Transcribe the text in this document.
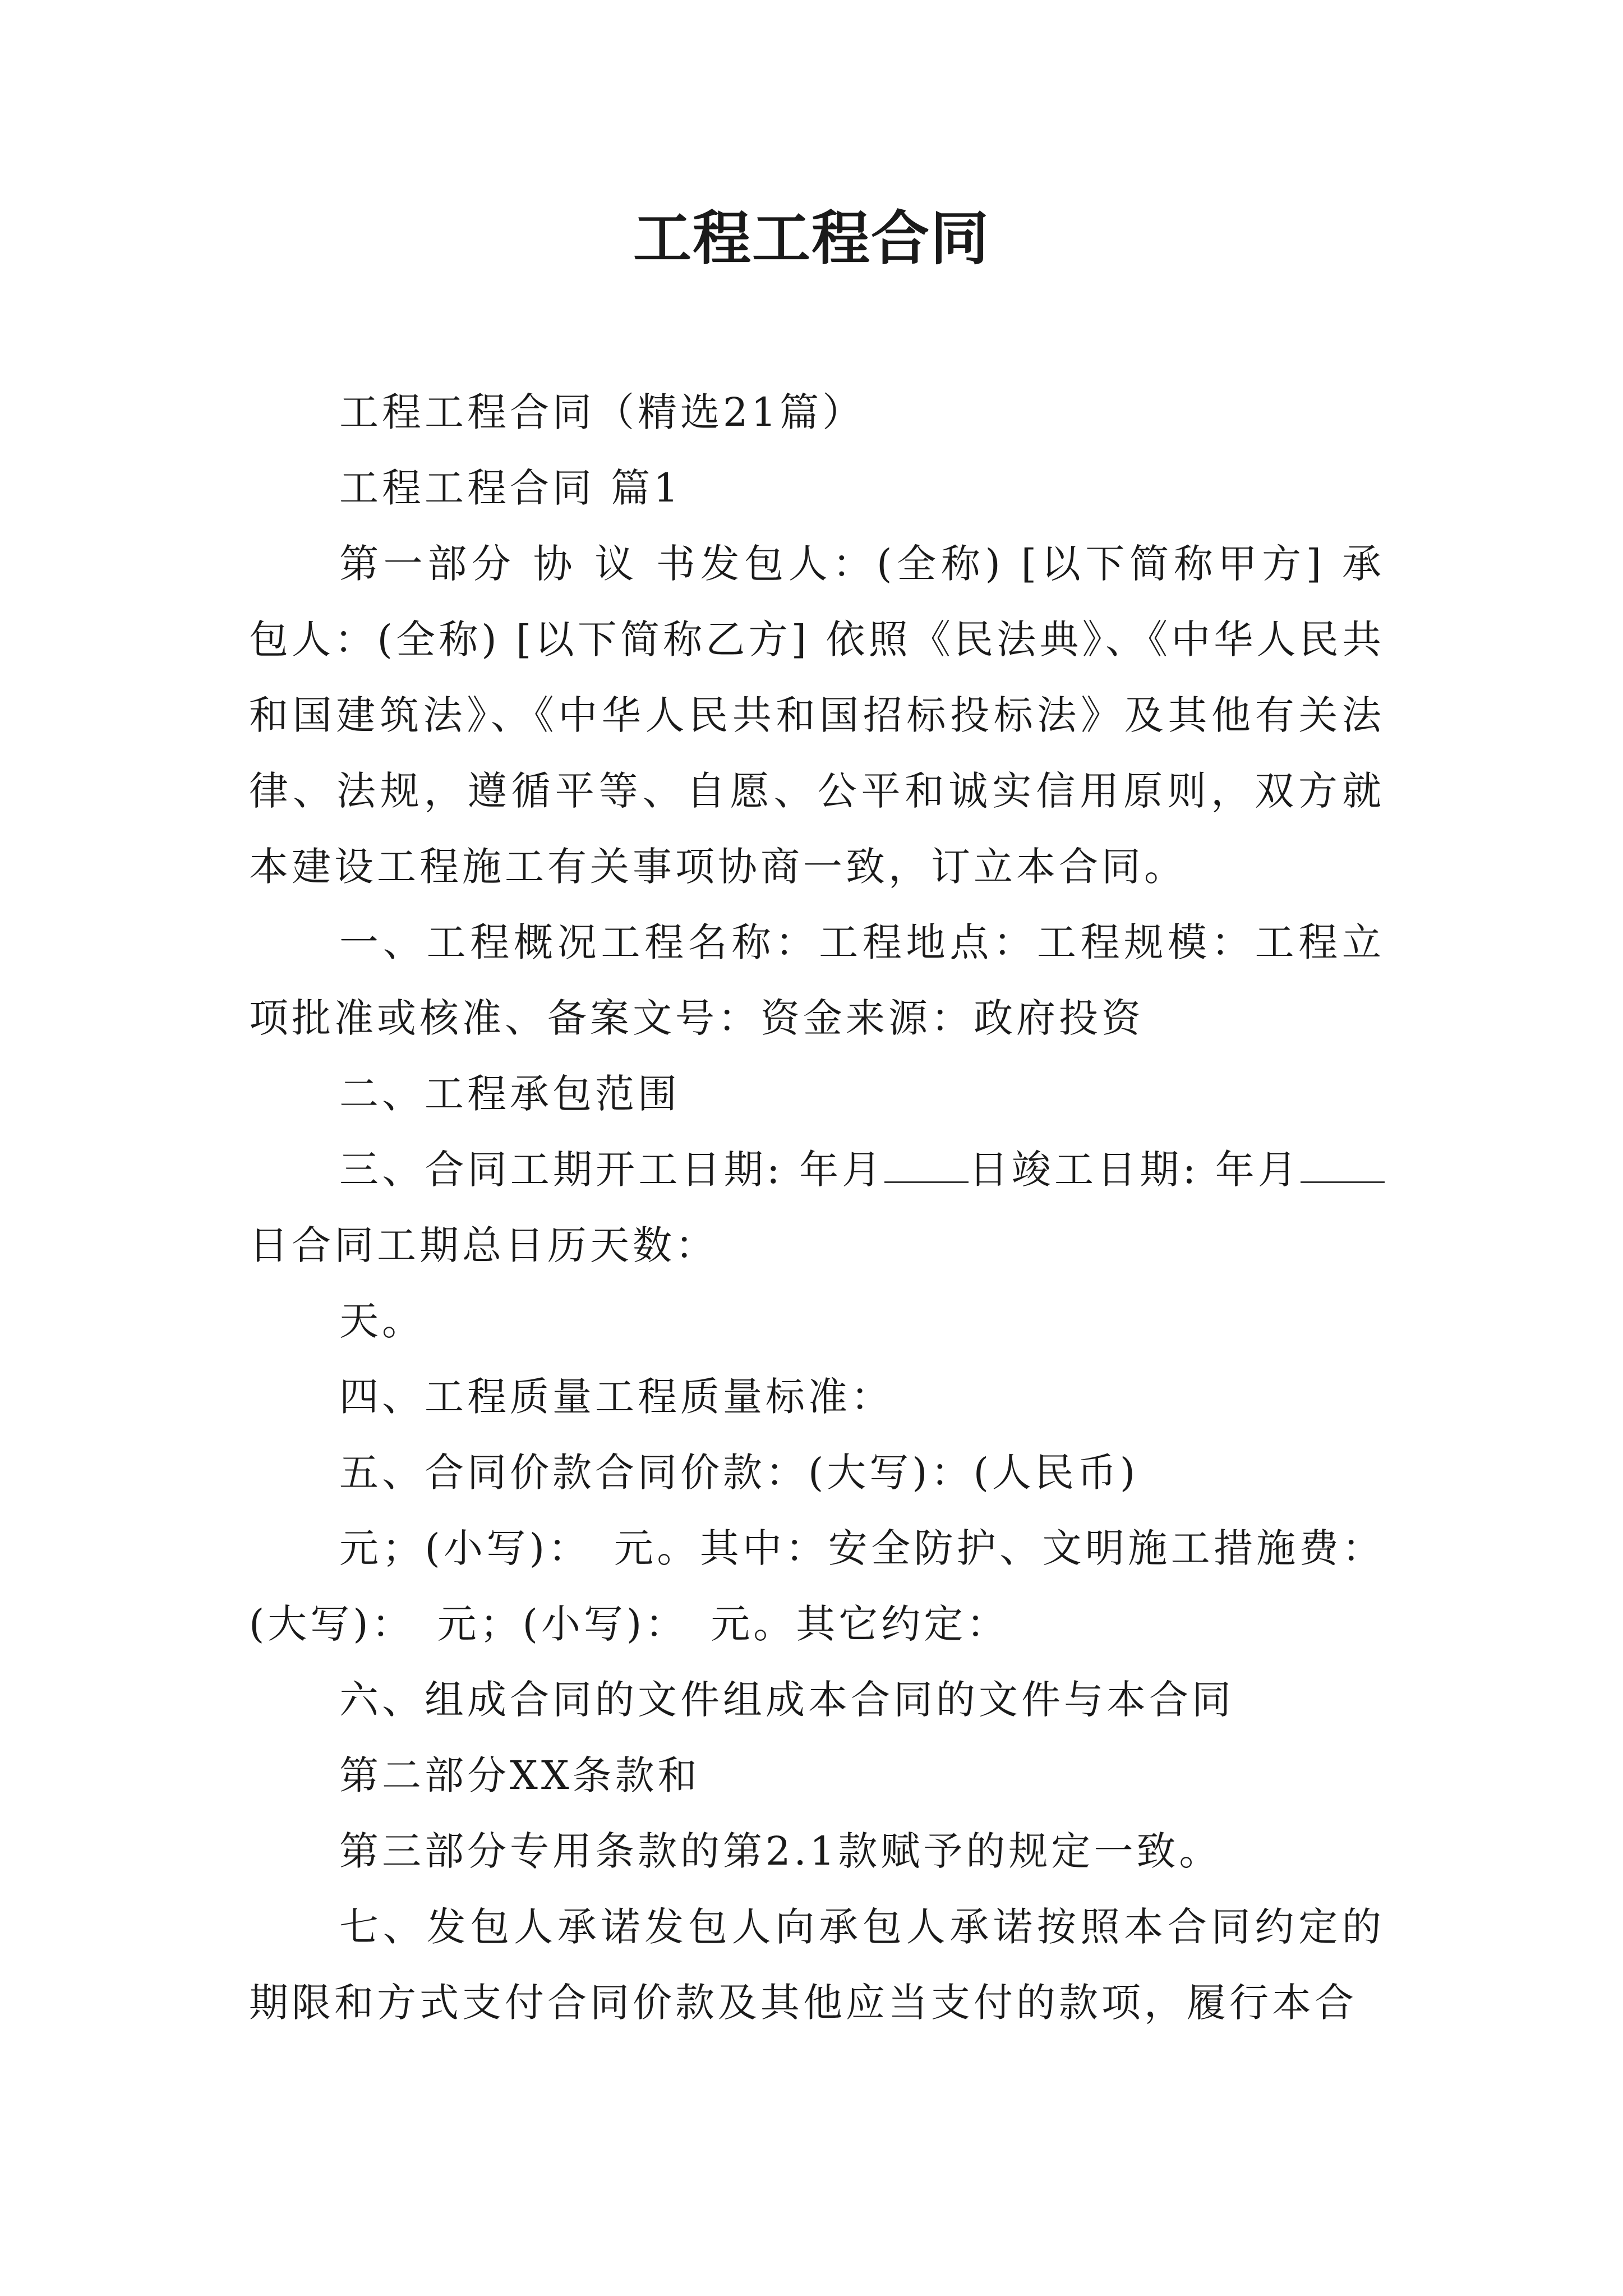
工程工程合同

工程工程合同（精选21篇）

工程工程合同 篇1

第一部分 协 议 书发包人：(全称) [以下简称甲方] 承包人：(全称) [以下简称乙方] 依照《民法典》、《中华人民共和国建筑法》、《中华人民共和国招标投标法》及其他有关法律、法规，遵循平等、自愿、公平和诚实信用原则，双方就本建设工程施工有关事项协商一致，订立本合同。

一、工程概况工程名称：工程地点：工程规模：工程立项批准或核准、备案文号：资金来源：政府投资

二、工程承包范围

三、合同工期开工日期: 年月 日竣工日期: 年月日合同工期总日历天数：

天。

四、工程质量工程质量标准：

五、合同价款合同价款：(大写)：(人民币)

元；(小写)：　元。其中：安全防护、文明施工措施费：(大写)：　元；(小写)：　元。其它约定：

六、组成合同的文件组成本合同的文件与本合同

第二部分XX条款和

第三部分专用条款的第2.1款赋予的规定一致。

七、发包人承诺发包人向承包人承诺按照本合同约定的期限和方式支付合同价款及其他应当支付的款项，履行本合
